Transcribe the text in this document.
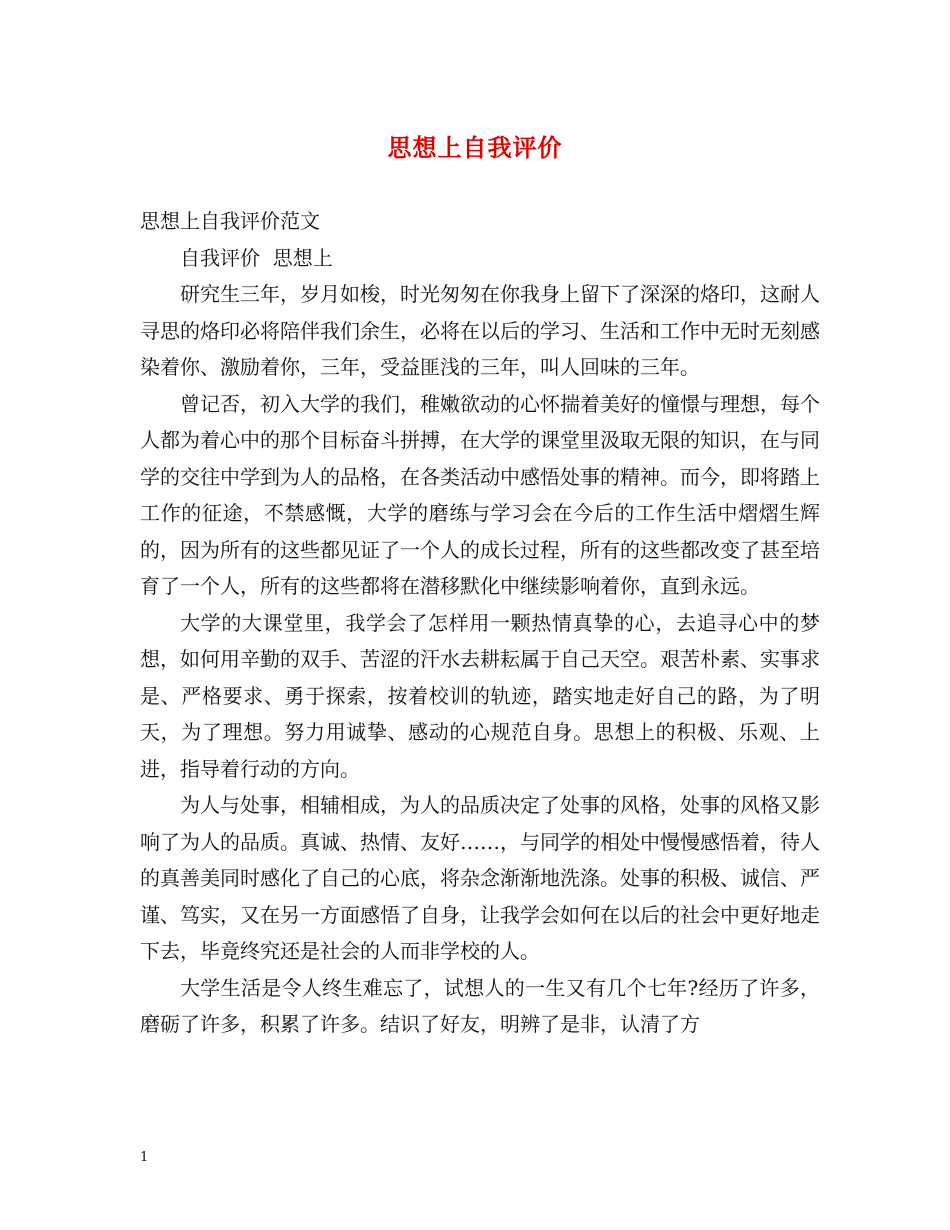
思想上自我评价

思想上自我评价范文

自我评价  思想上

研究生三年，岁月如梭，时光匆匆在你我身上留下了深深的烙印，这耐人寻思的烙印必将陪伴我们余生，必将在以后的学习、生活和工作中无时无刻感染着你、激励着你，三年，受益匪浅的三年，叫人回味的三年。

曾记否，初入大学的我们，稚嫩欲动的心怀揣着美好的憧憬与理想，每个人都为着心中的那个目标奋斗拼搏，在大学的课堂里汲取无限的知识，在与同学的交往中学到为人的品格，在各类活动中感悟处事的精神。而今，即将踏上工作的征途，不禁感慨，大学的磨练与学习会在今后的工作生活中熠熠生辉的，因为所有的这些都见证了一个人的成长过程，所有的这些都改变了甚至培育了一个人，所有的这些都将在潜移默化中继续影响着你，直到永远。

大学的大课堂里，我学会了怎样用一颗热情真挚的心，去追寻心中的梦想，如何用辛勤的双手、苦涩的汗水去耕耘属于自己天空。艰苦朴素、实事求是、严格要求、勇于探索，按着校训的轨迹，踏实地走好自己的路，为了明天，为了理想。努力用诚挚、感动的心规范自身。思想上的积极、乐观、上进，指导着行动的方向。

为人与处事，相辅相成，为人的品质决定了处事的风格，处事的风格又影响了为人的品质。真诚、热情、友好……，与同学的相处中慢慢感悟着，待人的真善美同时感化了自己的心底，将杂念渐渐地洗涤。处事的积极、诚信、严谨、笃实，又在另一方面感悟了自身，让我学会如何在以后的社会中更好地走下去，毕竟终究还是社会的人而非学校的人。

大学生活是令人终生难忘了，试想人的一生又有几个七年?经历了许多，磨砺了许多，积累了许多。结识了好友，明辨了是非，认清了方

1
